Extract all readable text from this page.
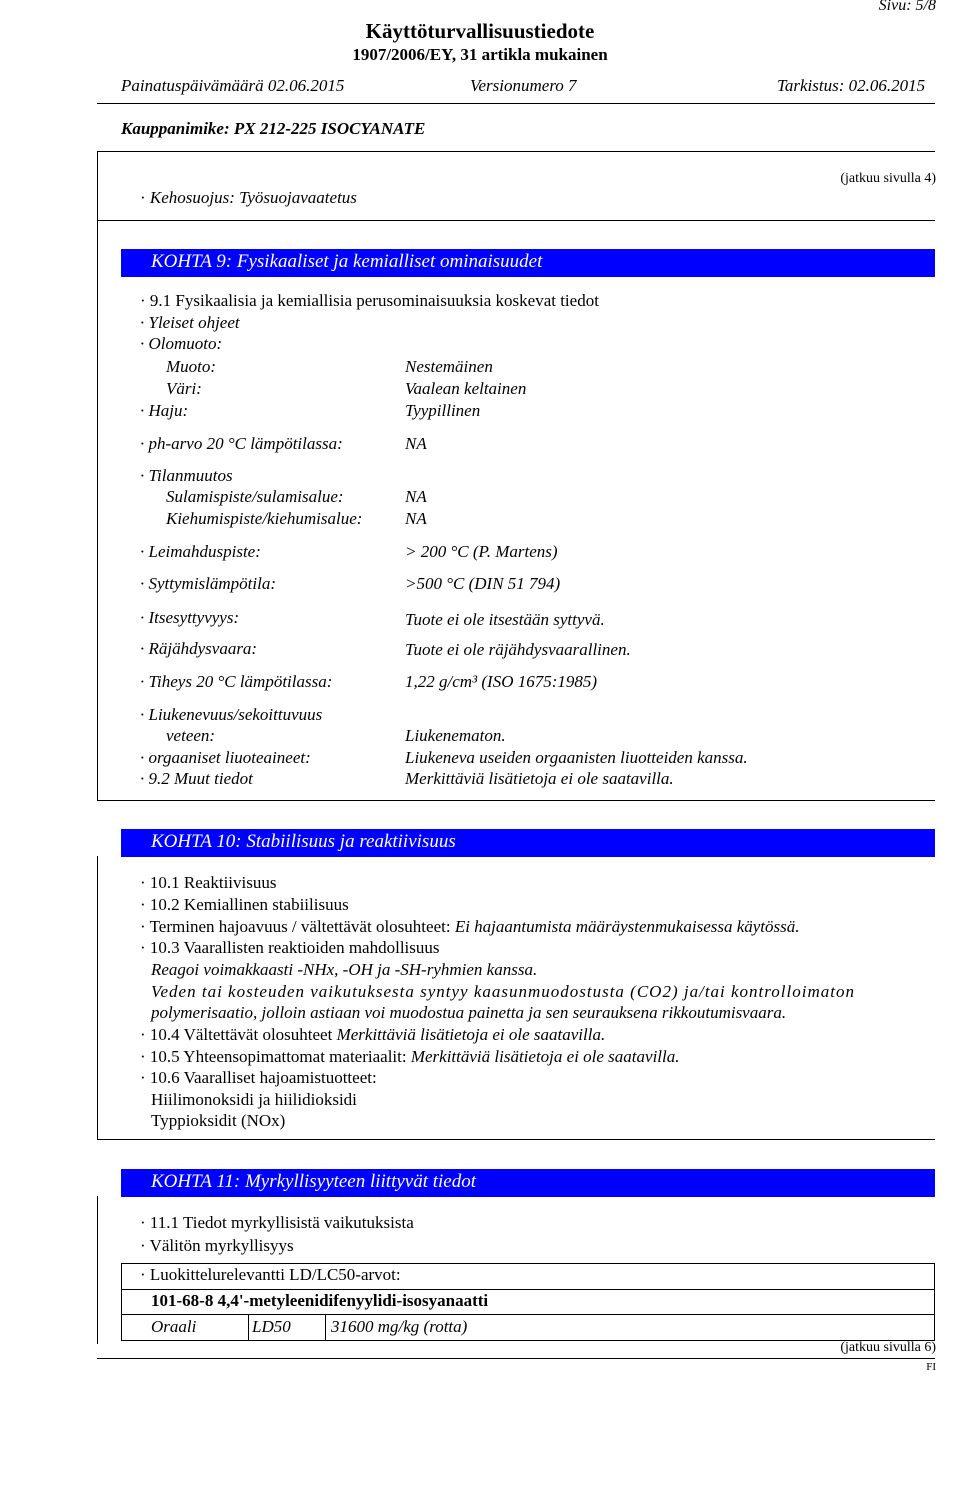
Sivu: 5/8
Käyttöturvallisuustiedote
1907/2006/EY, 31 artikla mukainen
Painatuspäivämäärä 02.06.2015	Versionumero 7	Tarkistus: 02.06.2015
Kauppanimike: PX 212-225 ISOCYANATE
(jatkuu sivulla 4)
· Kehosuojus: Työsuojavaatetus
KOHTA 9: Fysikaaliset ja kemialliset ominaisuudet
· 9.1 Fysikaalisia ja kemiallisia perusominaisuuksia koskevat tiedot
· Yleiset ohjeet
· Olomuoto:
Muoto:	Nestemäinen
Väri:	Vaalean keltainen
· Haju:	Tyypillinen
· ph-arvo 20 °C lämpötilassa:	NA
· Tilanmuutos
Sulamispiste/sulamisalue:	NA
Kiehumispiste/kiehumisalue:	NA
· Leimahduspiste:	> 200 °C (P. Martens)
· Syttymislämpötila:	>500 °C (DIN 51 794)
· Itsesyttyvyys:	Tuote ei ole itsestään syttyvä.
· Räjähdysvaara:	Tuote ei ole räjähdysvaarallinen.
· Tiheys 20 °C lämpötilassa:	1,22 g/cm³ (ISO 1675:1985)
· Liukenevuus/sekoittuvuus
veteen:	Liukenematon.
· orgaaniset liuoteaineet:	Liukeneva useiden orgaanisten liuotteiden kanssa.
· 9.2 Muut tiedot	Merkittäviä lisätietoja ei ole saatavilla.
KOHTA 10: Stabiilisuus ja reaktiivisuus
· 10.1 Reaktiivisuus
· 10.2 Kemiallinen stabiilisuus
· Terminen hajoavuus / vältettävät olosuhteet: Ei hajaantumista määräystenmukaisessa käytössä.
· 10.3 Vaarallisten reaktioiden mahdollisuus
Reagoi voimakkaasti -NHx, -OH ja -SH-ryhmien kanssa.
Veden tai kosteuden vaikutuksesta syntyy kaasunmuodostusta (CO2) ja/tai kontrolloimaton
polymerisaatio, jolloin astiaan voi muodostua painetta ja sen seurauksena rikkoutumisvaara.
· 10.4 Vältettävät olosuhteet Merkittäviä lisätietoja ei ole saatavilla.
· 10.5 Yhteensopimattomat materiaalit: Merkittäviä lisätietoja ei ole saatavilla.
· 10.6 Vaaralliset hajoamistuotteet:
Hiilimonoksidi ja hiilidioksidi
Typpioksidit (NOx)
KOHTA 11: Myrkyllisyyteen liittyvät tiedot
· 11.1 Tiedot myrkyllisistä vaikutuksista
· Välitön myrkyllisyys
· Luokittelurelevantti LD/LC50-arvot:
101-68-8 4,4'-metyleenidifenyylidi-isosyanaatti
Oraali	LD50 31600 mg/kg (rotta)
(jatkuu sivulla 6)
FI
